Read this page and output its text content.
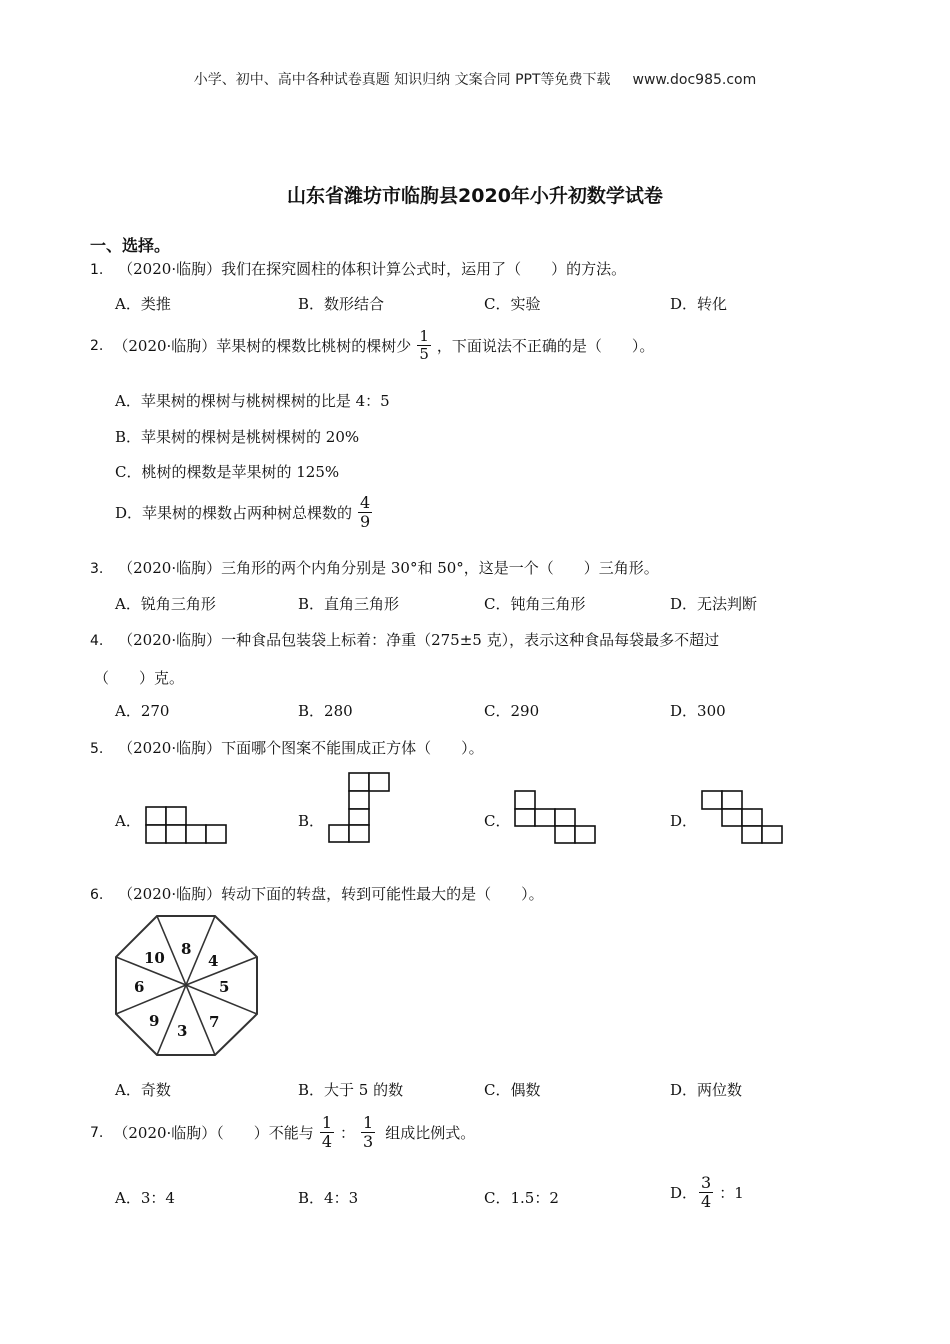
小学、初中、高中各种试卷真题 知识归纳 文案合同 PPT等免费下载 www.doc985.com
山东省潍坊市临朐县2020年小升初数学试卷
一、选择。
1. （2020·临朐）我们在探究圆柱的体积计算公式时，运用了（　　）的方法。
A．类推	B．数形结合	C．实验	D．转化
2. （2020·临朐）苹果树的棵数比桃树的棵树少 $\frac{1}{5}$ ，下面说法不正确的是（　　）。
A．苹果树的棵树与桃树棵树的比是 4：5
B．苹果树的棵树是桃树棵树的 20%
C．桃树的棵数是苹果树的 125%
D．苹果树的棵数占两种树总棵数的 $\frac{4}{9}$
3. （2020·临朐）三角形的两个内角分别是 30°和 50°，这是一个（　　）三角形。
A．锐角三角形	B．直角三角形	C．钝角三角形	D．无法判断
4. （2020·临朐）一种食品包装袋上标着：净重（275±5 克），表示这种食品每袋最多不超过
（　　）克。
A．270	B．280	C．290	D．300
5. （2020·临朐）下面哪个图案不能围成正方体（　　）。
A．	B．	C．	D．
6. （2020·临朐）转动下面的转盘，转到可能性最大的是（　　）。
8
4
5
7
3
9
6
10
A．奇数	B．大于 5 的数	C．偶数	D．两位数
7. （2020·临朐）（　　）不能与 $\frac{1}{4}$ ： $\frac{1}{3}$ 组成比例式。
A．3：4	B．4：3	C．1.5：2	D． $\frac{3}{4}$ ：1
